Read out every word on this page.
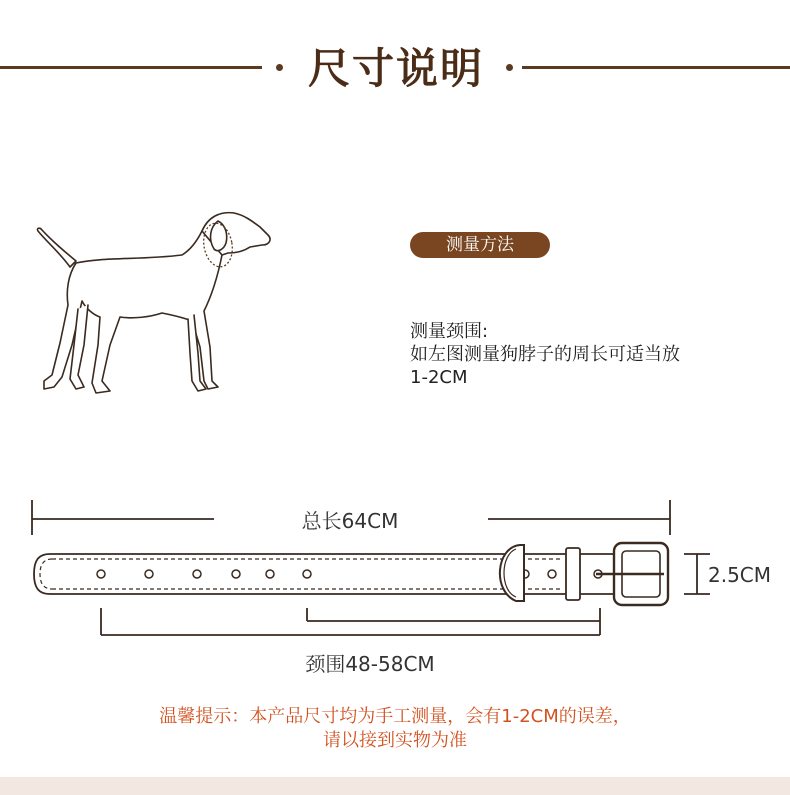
尺寸说明
测量方法
测量颈围:
如左图测量狗脖子的周长可适当放
1-2CM
总长64CM
2.5CM
颈围48-58CM
温馨提示：本产品尺寸均为手工测量，会有1-2CM的误差，
请以接到实物为准
